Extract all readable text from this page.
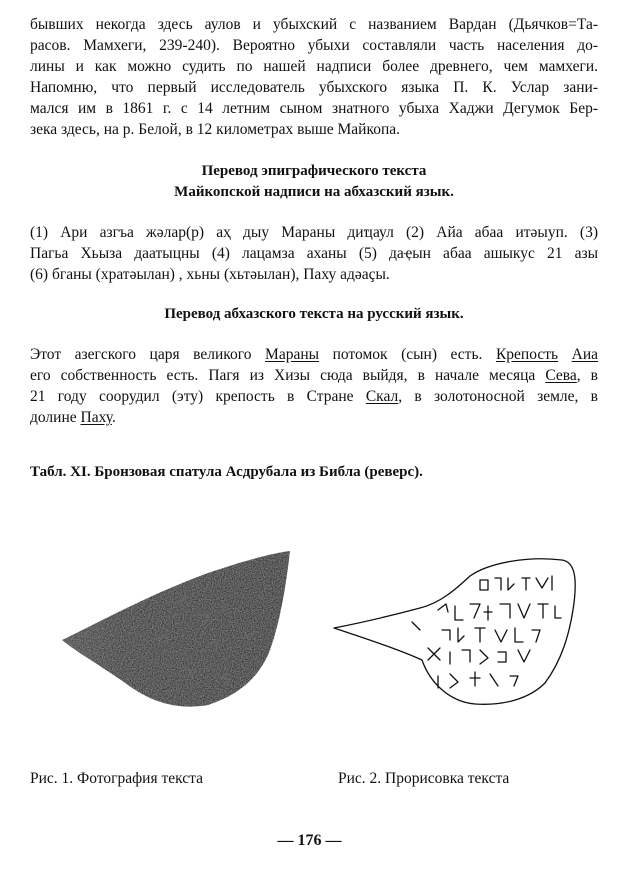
бывших некогда здесь аулов и убыхский с названием Вардан (Дьячков=Та-
расов. Мамхеги, 239-240). Вероятно убыхи составляли часть населения до-
лины и как можно судить по нашей надписи более древнего, чем мамхеги.
Напомню, что первый исследователь убыхского языка П. К. Услар зани-
мался им в 1861 г. с 14 летним сыном знатного убыха Хаджи Дегумок Бер-
зека здесь, на р. Белой, в 12 километрах выше Майкопа.

Перевод эпиграфического текста

Майкопской надписи на абхазский язык.

(1) Ари азгъа жәлар(р) аҳ дыу Мараны диҵаул (2) Айа абаа итәыуп. (3)
Пагьа Хьыза даатыцны (4) лацамза аханы (5) даҿын абаа ашыкус 21 азы
(6) бганы (хратәылан) , хьны (хьтәылан), Паху адәаҫы.

Перевод абхазского текста на русский язык.

Этот азегского царя великого Мараны потомок (сын) есть. Крепость Аиа
его собственность есть. Пагя из Хизы сюда выйдя, в начале месяца Сева, в
21 году соорудил (эту) крепость в Стране Скал, в золотоносной земле, в
долине Паху.

Табл. XI. Бронзовая спатула Асдрубала из Библа (реверс).

Рис. 1. Фотография текста	Рис. 2. Прорисовка текста

— 176 —
